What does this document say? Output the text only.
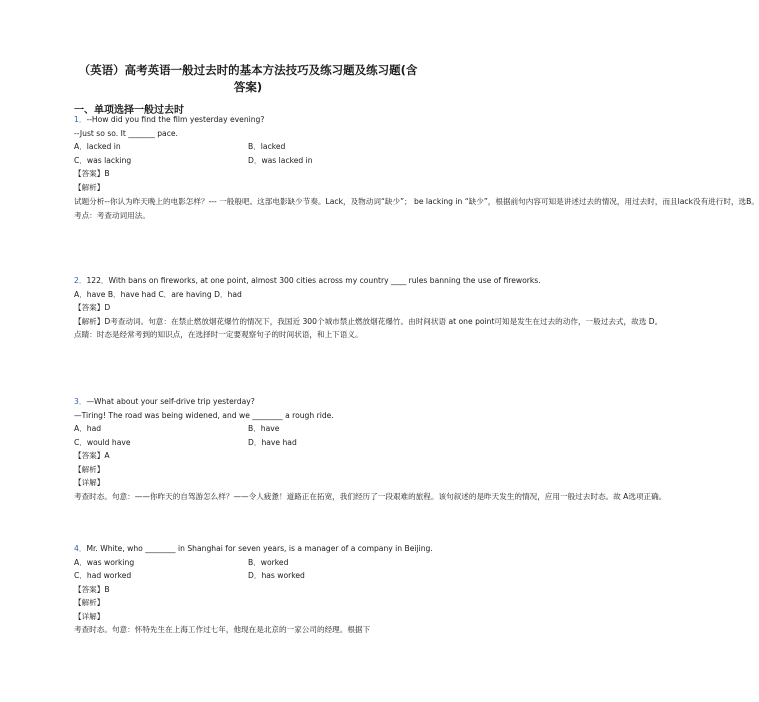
（英语）高考英语一般过去时的基本方法技巧及练习题及练习题(含
答案)
一、单项选择一般过去时

1．--How did you find the film yesterday evening?

--Just so so. It _______ pace.

A．lacked in	B．lacked
C．was lacking	D．was lacked in

【答案】B

【解析】

试题分析--你认为昨天晚上的电影怎样？--- 一般般吧。这部电影缺少节奏。Lack，及物动词“缺少”； be lacking in “缺少”，根据前句内容可知是讲述过去的情况，用过去时，而且lack没有进行时，选B。

考点：考查动词用法。

2．122．With bans on fireworks, at one point, almost 300 cities across my country ____ rules banning the use of fireworks.

A．have B．have had C．are having D．had

【答案】D

【解析】D考查动词。句意：在禁止燃放烟花爆竹的情况下，我国近 300个城市禁止燃放烟花爆竹。由时间状语 at one point可知是发生在过去的动作，一般过去式，故选 D。

点睛：时态是经常考到的知识点，在选择时一定要观察句子的时间状语，和上下语义。

3．—What about your self-drive trip yesterday?

—Tiring! The road was being widened, and we ________ a rough ride.

A．had	B．have
C．would have	D．have had

【答案】A

【解析】

【详解】

考查时态。句意：——你昨天的自驾游怎么样？——令人疲惫！道路正在拓宽，我们经历了一段艰难的旅程。该句叙述的是昨天发生的情况，应用一般过去时态。故 A选项正确。

4．Mr. White, who ________ in Shanghai for seven years, is a manager of a company in Beijing.

A．was working	B．worked
C．had worked	D．has worked

【答案】B

【解析】

【详解】

考查时态。句意：怀特先生在上海工作过七年，他现在是北京的一家公司的经理。根据下
